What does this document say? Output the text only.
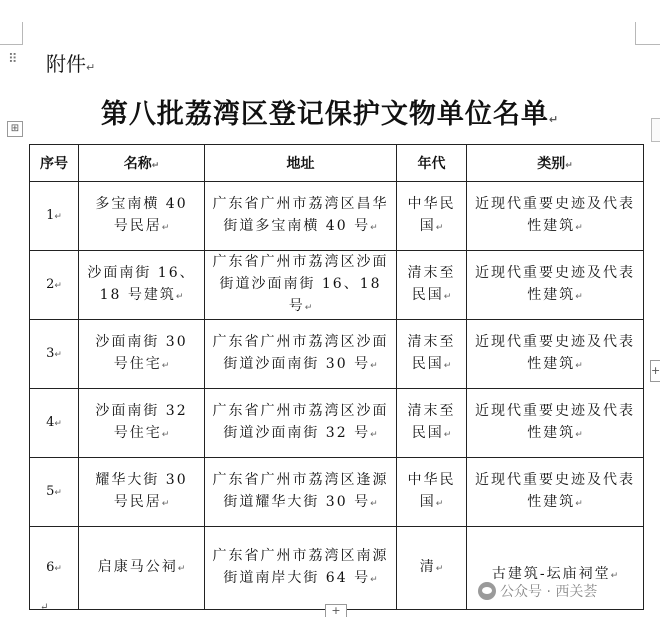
⠿ 附件↵
第八批荔湾区登记保护文物单位名单↵
⊞
序号	名称↵	地址	年代	类别↵
1↵	多宝南横 40 号民居↵	广东省广州市荔湾区昌华街道多宝南横 40 号↵	中华民国↵	近现代重要史迹及代表性建筑↵
2↵	沙面南街 16、18 号建筑↵	广东省广州市荔湾区沙面街道沙面南街 16、18 号↵	清末至民国↵	近现代重要史迹及代表性建筑↵
3↵	沙面南街 30 号住宅↵	广东省广州市荔湾区沙面街道沙面南街 30 号↵	清末至民国↵	近现代重要史迹及代表性建筑↵
4↵	沙面南街 32 号住宅↵	广东省广州市荔湾区沙面街道沙面南街 32 号↵	清末至民国↵	近现代重要史迹及代表性建筑↵
5↵	耀华大街 30 号民居↵	广东省广州市荔湾区逢源街道耀华大街 30 号↵	中华民国↵	近现代重要史迹及代表性建筑↵
6↵	启康马公祠↵	广东省广州市荔湾区南源街道南岸大街 64 号↵	清↵	古建筑-坛庙祠堂↵
+
+
↵
公众号 · 西关荟
